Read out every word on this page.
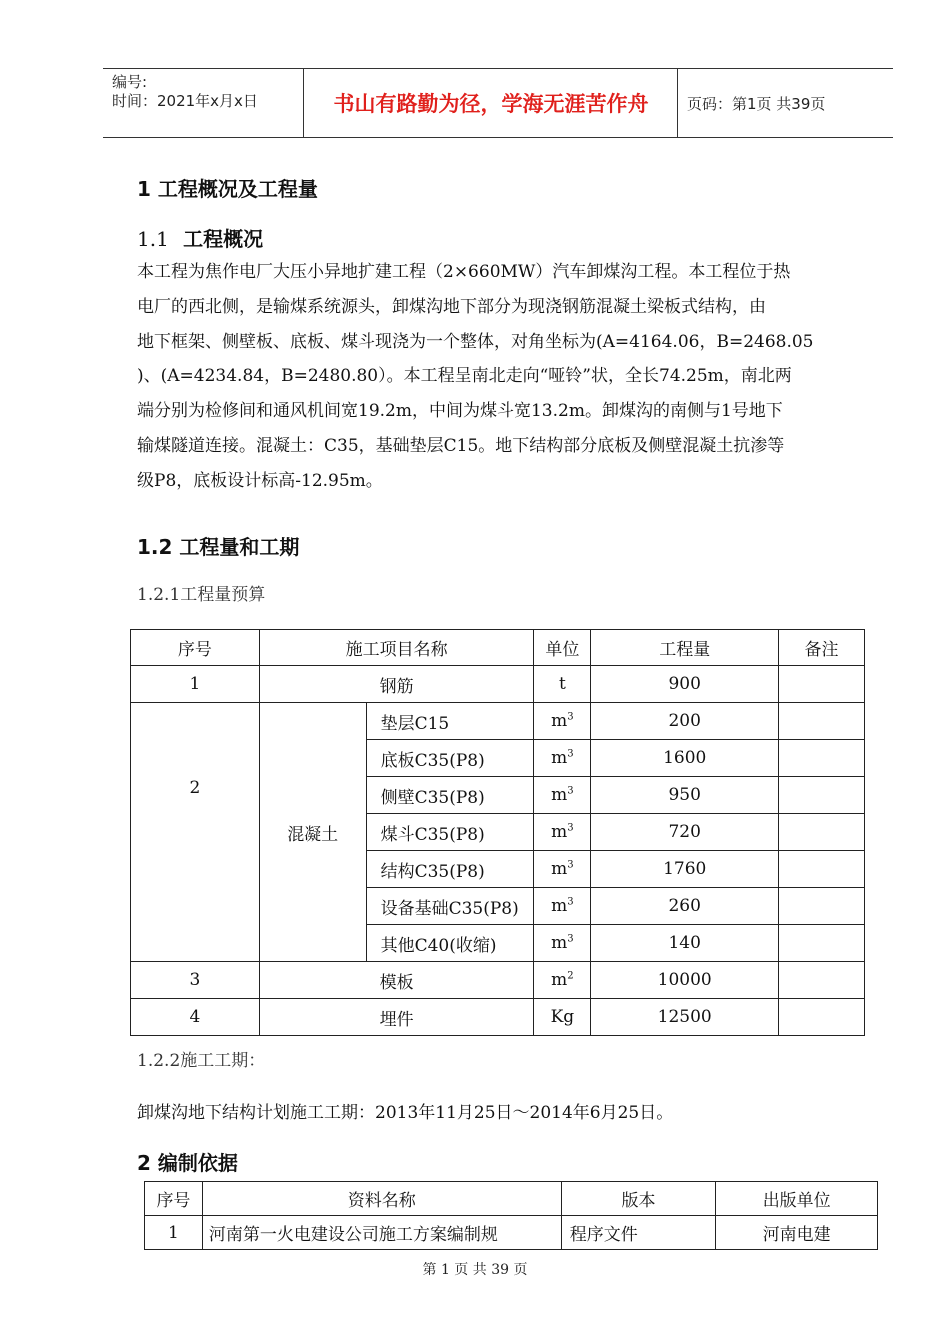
编号:
时间：2021年x月x日	书山有路勤为径，学海无涯苦作舟	页码：第1页 共39页
1 工程概况及工程量
1.1 工程概况

本工程为焦作电厂大压小异地扩建工程（2×660MW）汽车卸煤沟工程。本工程位于热

电厂的西北侧，是输煤系统源头，卸煤沟地下部分为现浇钢筋混凝土梁板式结构，由

地下框架、侧壁板、底板、煤斗现浇为一个整体，对角坐标为(A=4164.06，B=2468.05

)、(A=4234.84，B=2480.80）。本工程呈南北走向“哑铃”状，全长74.25m，南北两

端分别为检修间和通风机间宽19.2m，中间为煤斗宽13.2m。卸煤沟的南侧与1号地下

输煤隧道连接。混凝土：C35，基础垫层C15。地下结构部分底板及侧壁混凝土抗渗等

级P8，底板设计标高-12.95m。

1.2 工程量和工期
1.2.1工程量预算
序号	施工项目名称		单位	工程量	备注
1	钢筋		t	900	
2	混凝土	垫层C15	$m^3$	200	
		底板C35(P8)	$m^3$	1600	
		侧壁C35(P8)	$m^3$	950	
		煤斗C35(P8)	$m^3$	720	
		结构C35(P8)	$m^3$	1760	
		设备基础C35(P8)	$m^3$	260	
		其他C40(收缩)	$m^3$	140	
3	模板		$m^2$	10000	
4	埋件		Kg	12500	
1.2.2施工工期：
卸煤沟地下结构计划施工工期：2013年11月25日～2014年6月25日。
2 编制依据
序号	资料名称	版本	出版单位
1	河南第一火电建设公司施工方案编制规	程序文件	河南电建
第 1 页 共 39 页
